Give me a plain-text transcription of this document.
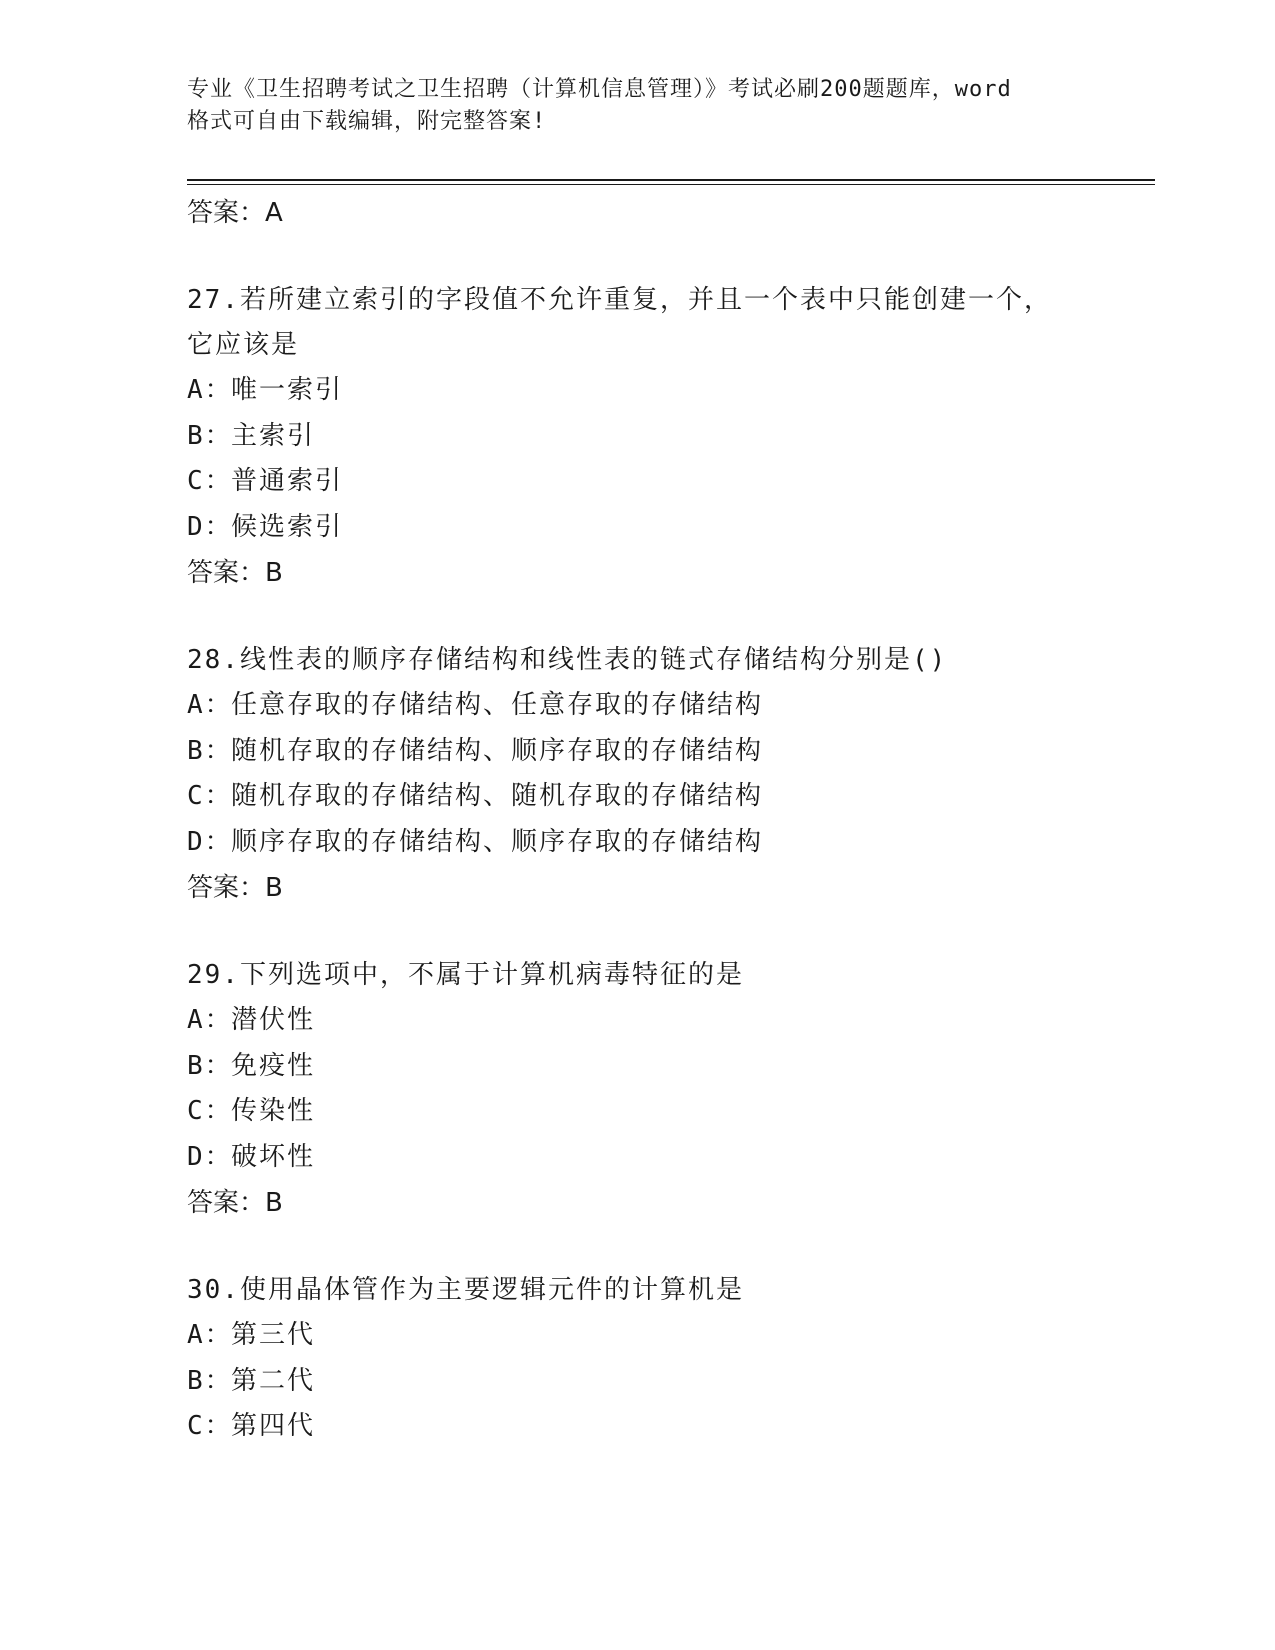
专业《卫生招聘考试之卫生招聘（计算机信息管理）》考试必刷200题题库，word
格式可自由下载编辑，附完整答案!
答案：A
27.若所建立索引的字段值不允许重复，并且一个表中只能创建一个，
它应该是
A：唯一索引
B：主索引
C：普通索引
D：候选索引
答案：B
28.线性表的顺序存储结构和线性表的链式存储结构分别是()
A：任意存取的存储结构、任意存取的存储结构
B：随机存取的存储结构、顺序存取的存储结构
C：随机存取的存储结构、随机存取的存储结构
D：顺序存取的存储结构、顺序存取的存储结构
答案：B
29.下列选项中，不属于计算机病毒特征的是
A：潜伏性
B：免疫性
C：传染性
D：破坏性
答案：B
30.使用晶体管作为主要逻辑元件的计算机是
A：第三代
B：第二代
C：第四代
